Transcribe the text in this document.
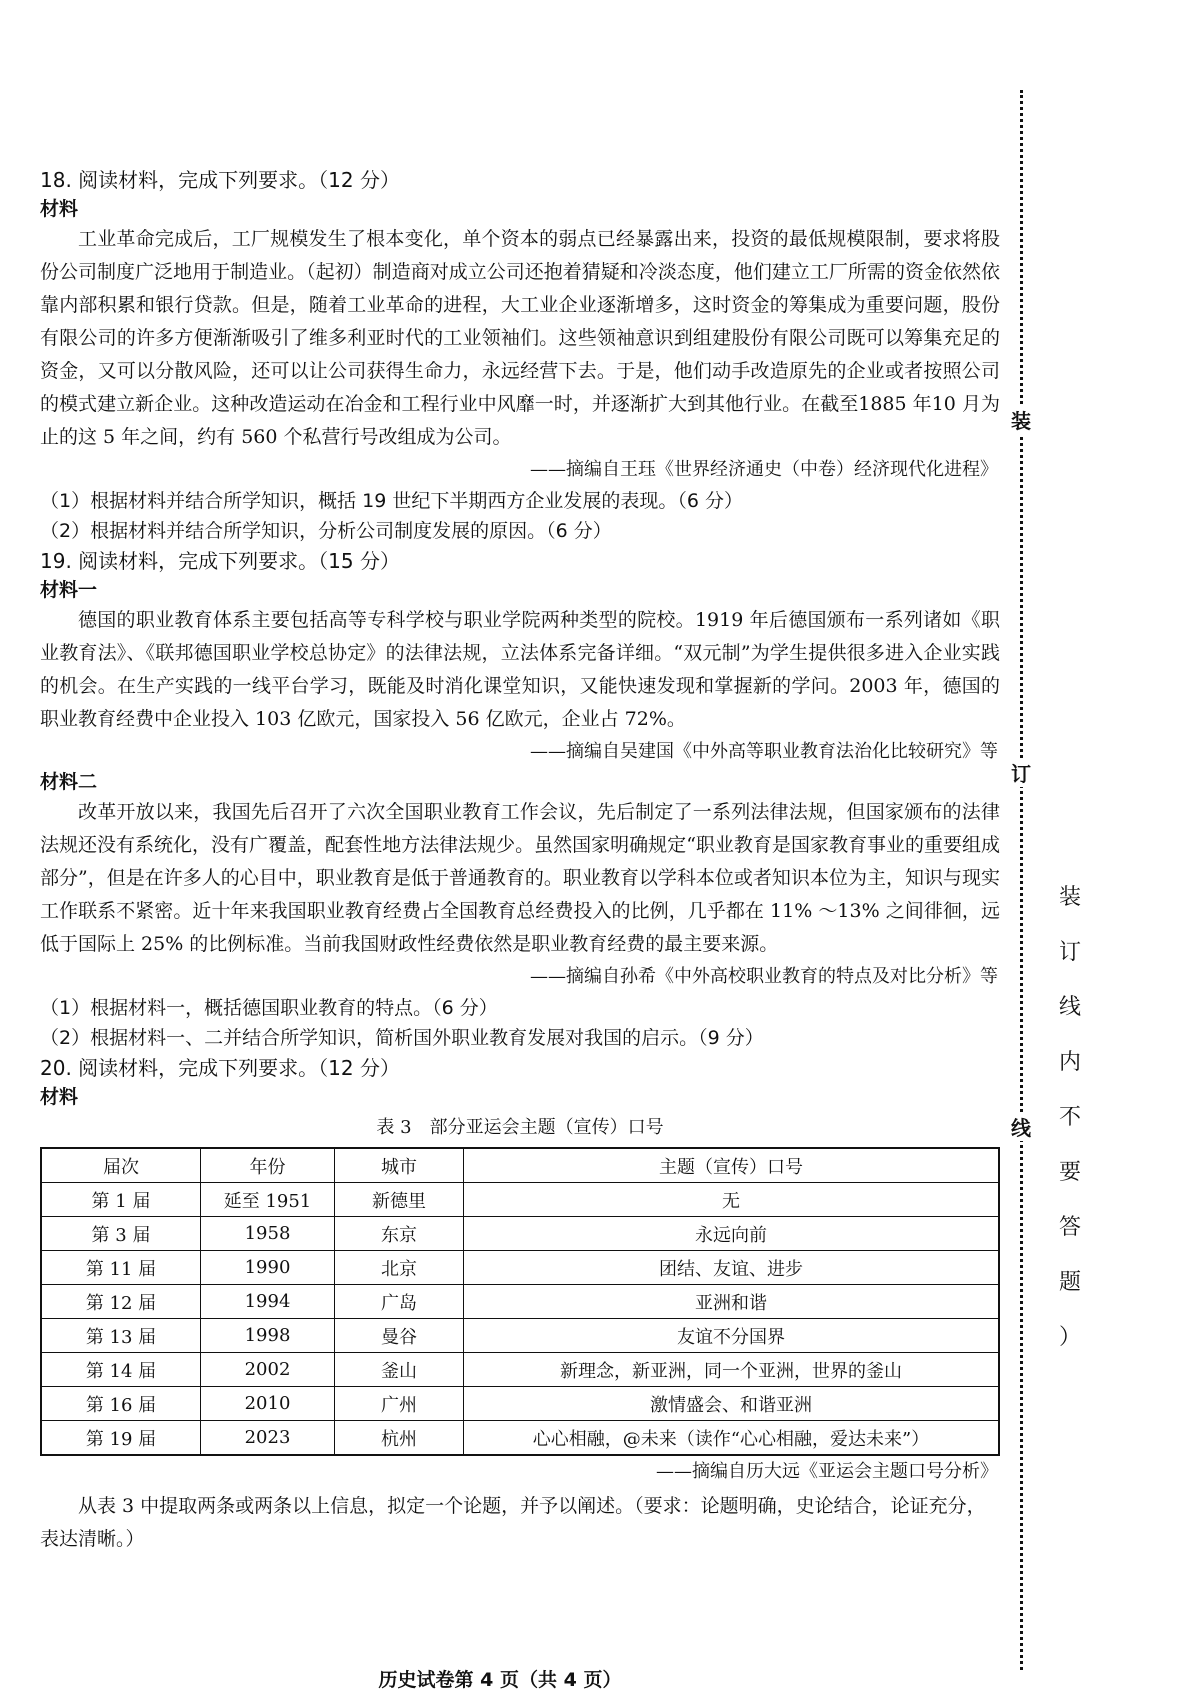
18. 阅读材料，完成下列要求。（12 分）
材料

工业革命完成后，工厂规模发生了根本变化，单个资本的弱点已经暴露出来，投资的最低规模限制，要求将股份公司制度广泛地用于制造业。（起初）制造商对成立公司还抱着猜疑和冷淡态度，他们建立工厂所需的资金依然依靠内部积累和银行贷款。但是，随着工业革命的进程，大工业企业逐渐增多，这时资金的筹集成为重要问题，股份有限公司的许多方便渐渐吸引了维多利亚时代的工业领袖们。这些领袖意识到组建股份有限公司既可以筹集充足的资金，又可以分散风险，还可以让公司获得生命力，永远经营下去。于是，他们动手改造原先的企业或者按照公司的模式建立新企业。这种改造运动在冶金和工程行业中风靡一时，并逐渐扩大到其他行业。在截至1885 年10 月为止的这 5 年之间，约有 560 个私营行号改组成为公司。

——摘编自王珏《世界经济通史（中卷）经济现代化进程》
（1）根据材料并结合所学知识，概括 19 世纪下半期西方企业发展的表现。（6 分）
（2）根据材料并结合所学知识，分析公司制度发展的原因。（6 分）
19. 阅读材料，完成下列要求。（15 分）
材料一

德国的职业教育体系主要包括高等专科学校与职业学院两种类型的院校。1919 年后德国颁布一系列诸如《职业教育法》、《联邦德国职业学校总协定》的法律法规，立法体系完备详细。“双元制”为学生提供很多进入企业实践的机会。在生产实践的一线平台学习，既能及时消化课堂知识，又能快速发现和掌握新的学问。2003 年，德国的职业教育经费中企业投入 103 亿欧元，国家投入 56 亿欧元，企业占 72%。

——摘编自吴建国《中外高等职业教育法治化比较研究》等
材料二

改革开放以来，我国先后召开了六次全国职业教育工作会议，先后制定了一系列法律法规，但国家颁布的法律法规还没有系统化，没有广覆盖，配套性地方法律法规少。虽然国家明确规定“职业教育是国家教育事业的重要组成部分”，但是在许多人的心目中，职业教育是低于普通教育的。职业教育以学科本位或者知识本位为主，知识与现实工作联系不紧密。近十年来我国职业教育经费占全国教育总经费投入的比例，几乎都在 11% ～13% 之间徘徊，远低于国际上 25% 的比例标准。当前我国财政性经费依然是职业教育经费的最主要来源。

——摘编自孙希《中外高校职业教育的特点及对比分析》等
（1）根据材料一，概括德国职业教育的特点。（6 分）
（2）根据材料一、二并结合所学知识，简析国外职业教育发展对我国的启示。（9 分）
20. 阅读材料，完成下列要求。（12 分）
材料
表 3　部分亚运会主题（宣传）口号
届次	年份	城市	主题（宣传）口号
第 1 届	延至 1951	新德里	无
第 3 届	1958	东京	永远向前
第 11 届	1990	北京	团结、友谊、进步
第 12 届	1994	广岛	亚洲和谐
第 13 届	1998	曼谷	友谊不分国界
第 14 届	2002	釜山	新理念，新亚洲，同一个亚洲，世界的釜山
第 16 届	2010	广州	激情盛会、和谐亚洲
第 19 届	2023	杭州	心心相融，@未来（读作“心心相融，爱达未来”）
——摘编自历大远《亚运会主题口号分析》

从表 3 中提取两条或两条以上信息，拟定一个论题，并予以阐述。（要求：论题明确，史论结合，论证充分，表达清晰。）

历史试卷第 4 页（共 4 页）
装
订
线
装
订
线
内
不
要
答
题
）
